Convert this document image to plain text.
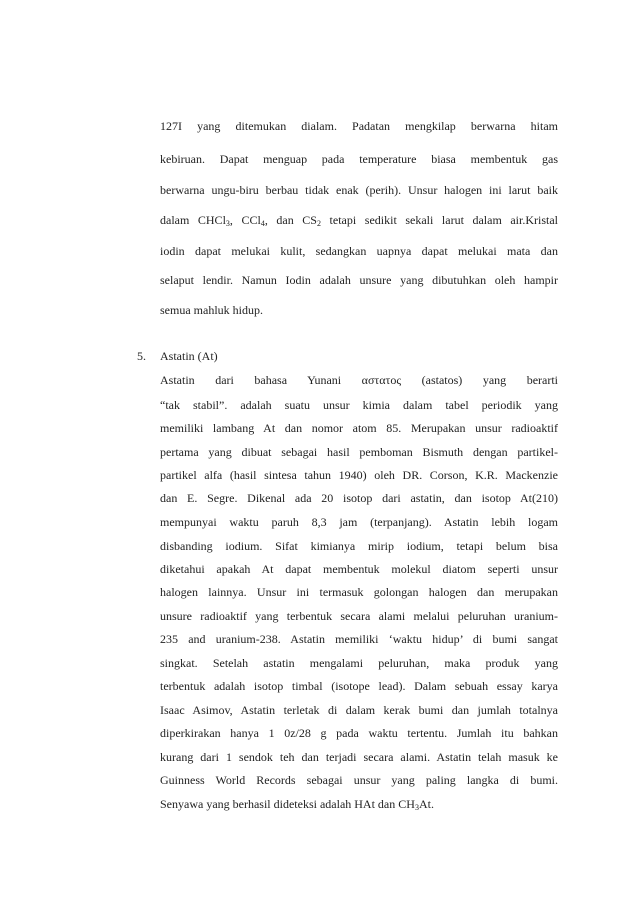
127I yang ditemukan dialam. Padatan mengkilap berwarna hitam
kebiruan. Dapat menguap pada temperature biasa membentuk gas
berwarna ungu-biru berbau tidak enak (perih). Unsur halogen ini larut baik
dalam CHCl$_3$, CCl$_4$, dan $CS_2$ tetapi sedikit sekali larut dalam air.Kristal
iodin dapat melukai kulit, sedangkan uapnya dapat melukai mata dan
selaput lendir. Namun Iodin adalah unsure yang dibutuhkan oleh hampir
semua mahluk hidup.
5. Astatin (At)
Astatin dari bahasa Yunani αστατος (astatos) yang berarti
“tak stabil”. adalah suatu unsur kimia dalam tabel periodik yang
memiliki lambang At dan nomor atom 85. Merupakan unsur radioaktif
pertama yang dibuat sebagai hasil pemboman Bismuth dengan partikel-
partikel alfa (hasil sintesa tahun 1940) oleh DR. Corson, K.R. Mackenzie
dan E. Segre. Dikenal ada 20 isotop dari astatin, dan isotop At(210)
mempunyai waktu paruh 8,3 jam (terpanjang). Astatin lebih logam
disbanding iodium. Sifat kimianya mirip iodium, tetapi belum bisa
diketahui apakah At dapat membentuk molekul diatom seperti unsur
halogen lainnya. Unsur ini termasuk golongan halogen dan merupakan
unsure radioaktif yang terbentuk secara alami melalui peluruhan uranium-
235 and uranium-238. Astatin memiliki ‘waktu hidup’ di bumi sangat
singkat. Setelah astatin mengalami peluruhan, maka produk yang
terbentuk adalah isotop timbal (isotope lead). Dalam sebuah essay karya
Isaac Asimov, Astatin terletak di dalam kerak bumi dan jumlah totalnya
diperkirakan hanya 1 0z/28 g pada waktu tertentu. Jumlah itu bahkan
kurang dari 1 sendok teh dan terjadi secara alami. Astatin telah masuk ke
Guinness World Records sebagai unsur yang paling langka di bumi.
Senyawa yang berhasil dideteksi adalah HAt dan $CH_3At$.
